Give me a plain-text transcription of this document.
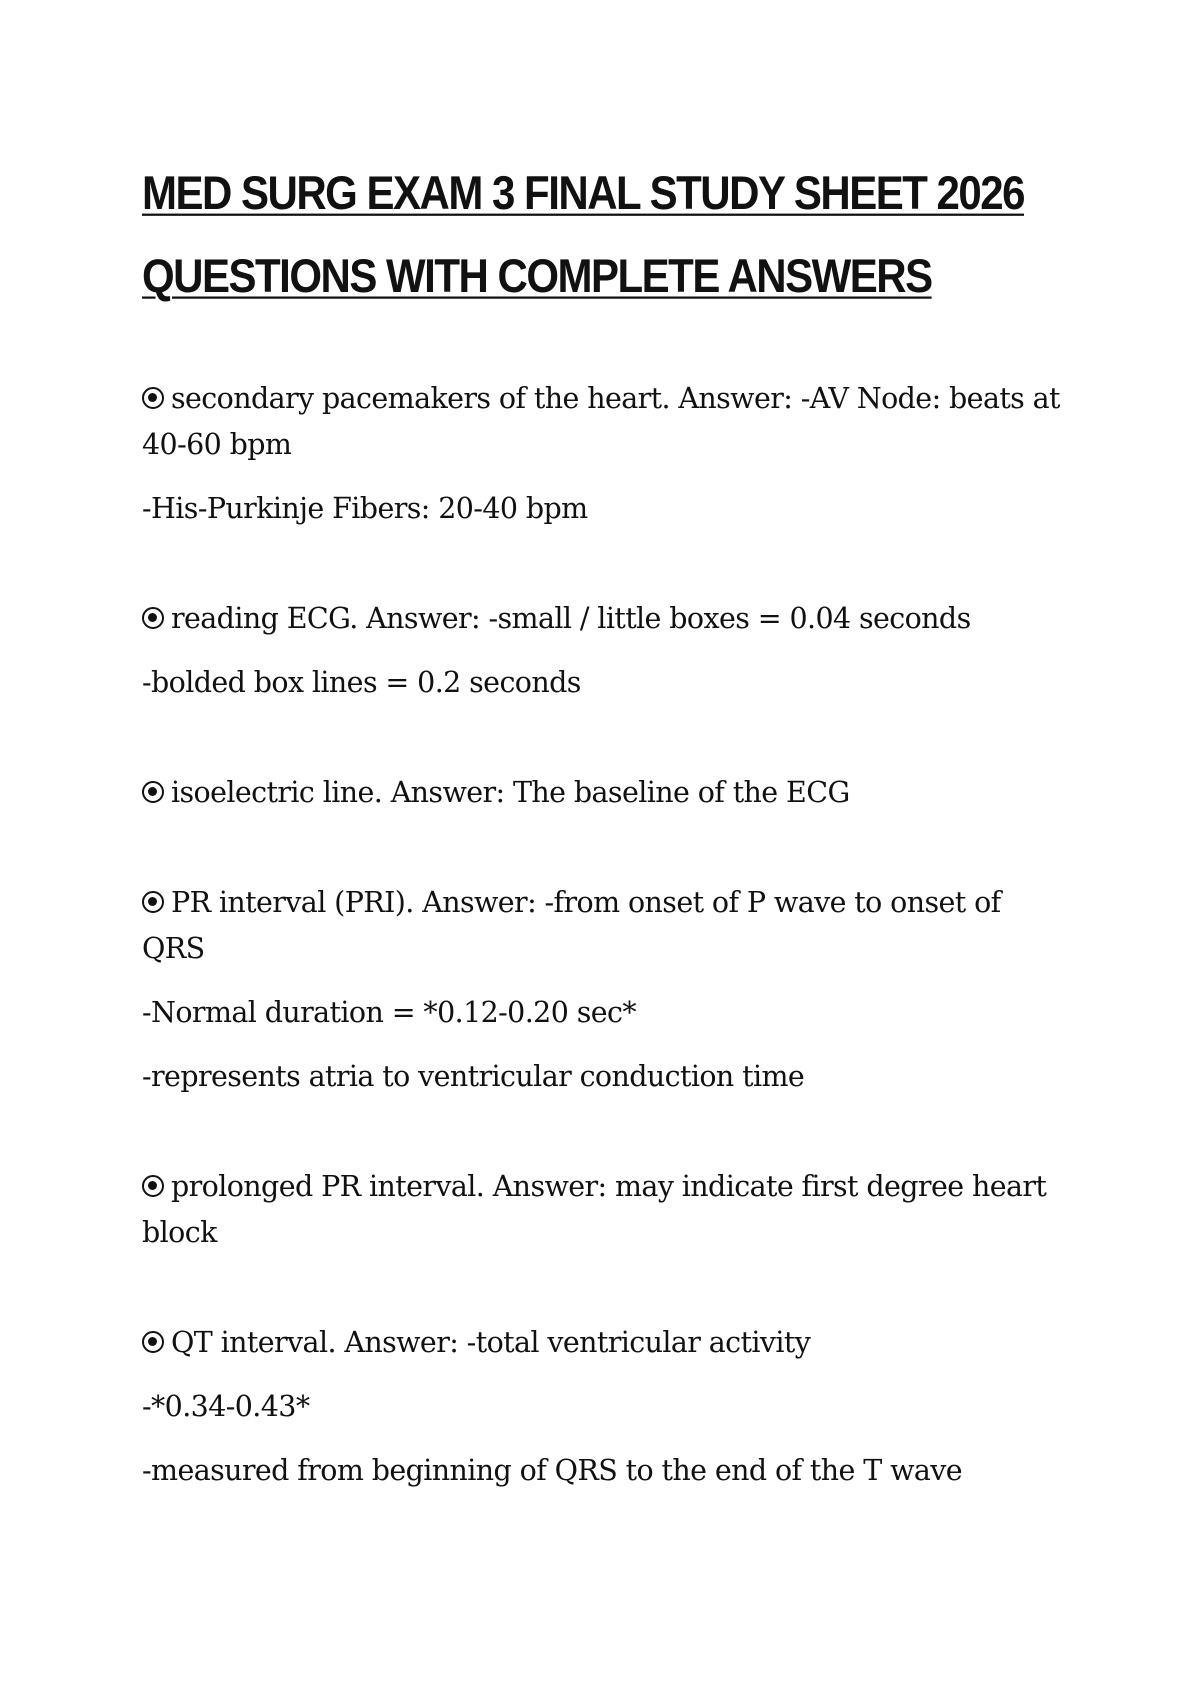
MED SURG EXAM 3 FINAL STUDY SHEET 2026
QUESTIONS WITH COMPLETE ANSWERS

secondary pacemakers of the heart. Answer: -AV Node: beats at 40-60 bpm

-His-Purkinje Fibers: 20-40 bpm

reading ECG. Answer: -small / little boxes = 0.04 seconds

-bolded box lines = 0.2 seconds

isoelectric line. Answer: The baseline of the ECG

PR interval (PRI). Answer: -from onset of P wave to onset of QRS

-Normal duration = *0.12-0.20 sec*

-represents atria to ventricular conduction time

prolonged PR interval. Answer: may indicate first degree heart block

QT interval. Answer: -total ventricular activity

-*0.34-0.43*

-measured from beginning of QRS to the end of the T wave
